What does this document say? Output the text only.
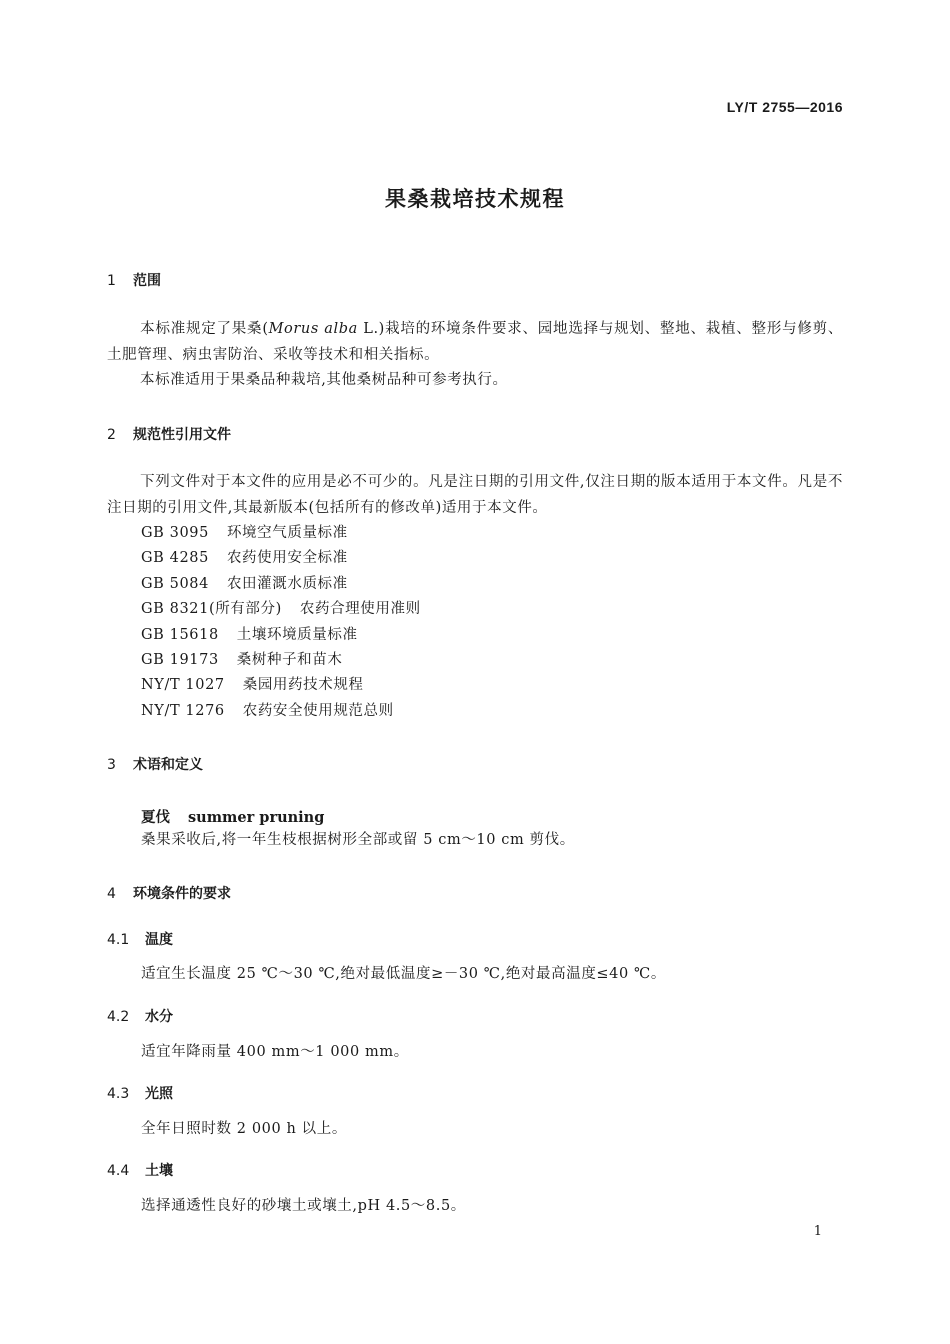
LY/T 2755—2016
果桑栽培技术规程
1 范围
本标准规定了果桑(Morus alba L.)栽培的环境条件要求、园地选择与规划、整地、栽植、整形与修剪、土肥管理、病虫害防治、采收等技术和相关指标。
本标准适用于果桑品种栽培,其他桑树品种可参考执行。
2 规范性引用文件
下列文件对于本文件的应用是必不可少的。凡是注日期的引用文件,仅注日期的版本适用于本文件。凡是不注日期的引用文件,其最新版本(包括所有的修改单)适用于本文件。
GB 3095 环境空气质量标准
GB 4285 农药使用安全标准
GB 5084 农田灌溉水质标准
GB 8321(所有部分) 农药合理使用准则
GB 15618 土壤环境质量标准
GB 19173 桑树种子和苗木
NY/T 1027 桑园用药技术规程
NY/T 1276 农药安全使用规范总则
3 术语和定义
夏伐 summer pruning
桑果采收后,将一年生枝根据树形全部或留 5 cm～10 cm 剪伐。
4 环境条件的要求
4.1 温度
适宜生长温度 25 ℃～30 ℃,绝对最低温度≥－30 ℃,绝对最高温度≤40 ℃。
4.2 水分
适宜年降雨量 400 mm～1 000 mm。
4.3 光照
全年日照时数 2 000 h 以上。
4.4 土壤
选择通透性良好的砂壤土或壤土,pH 4.5～8.5。
1
